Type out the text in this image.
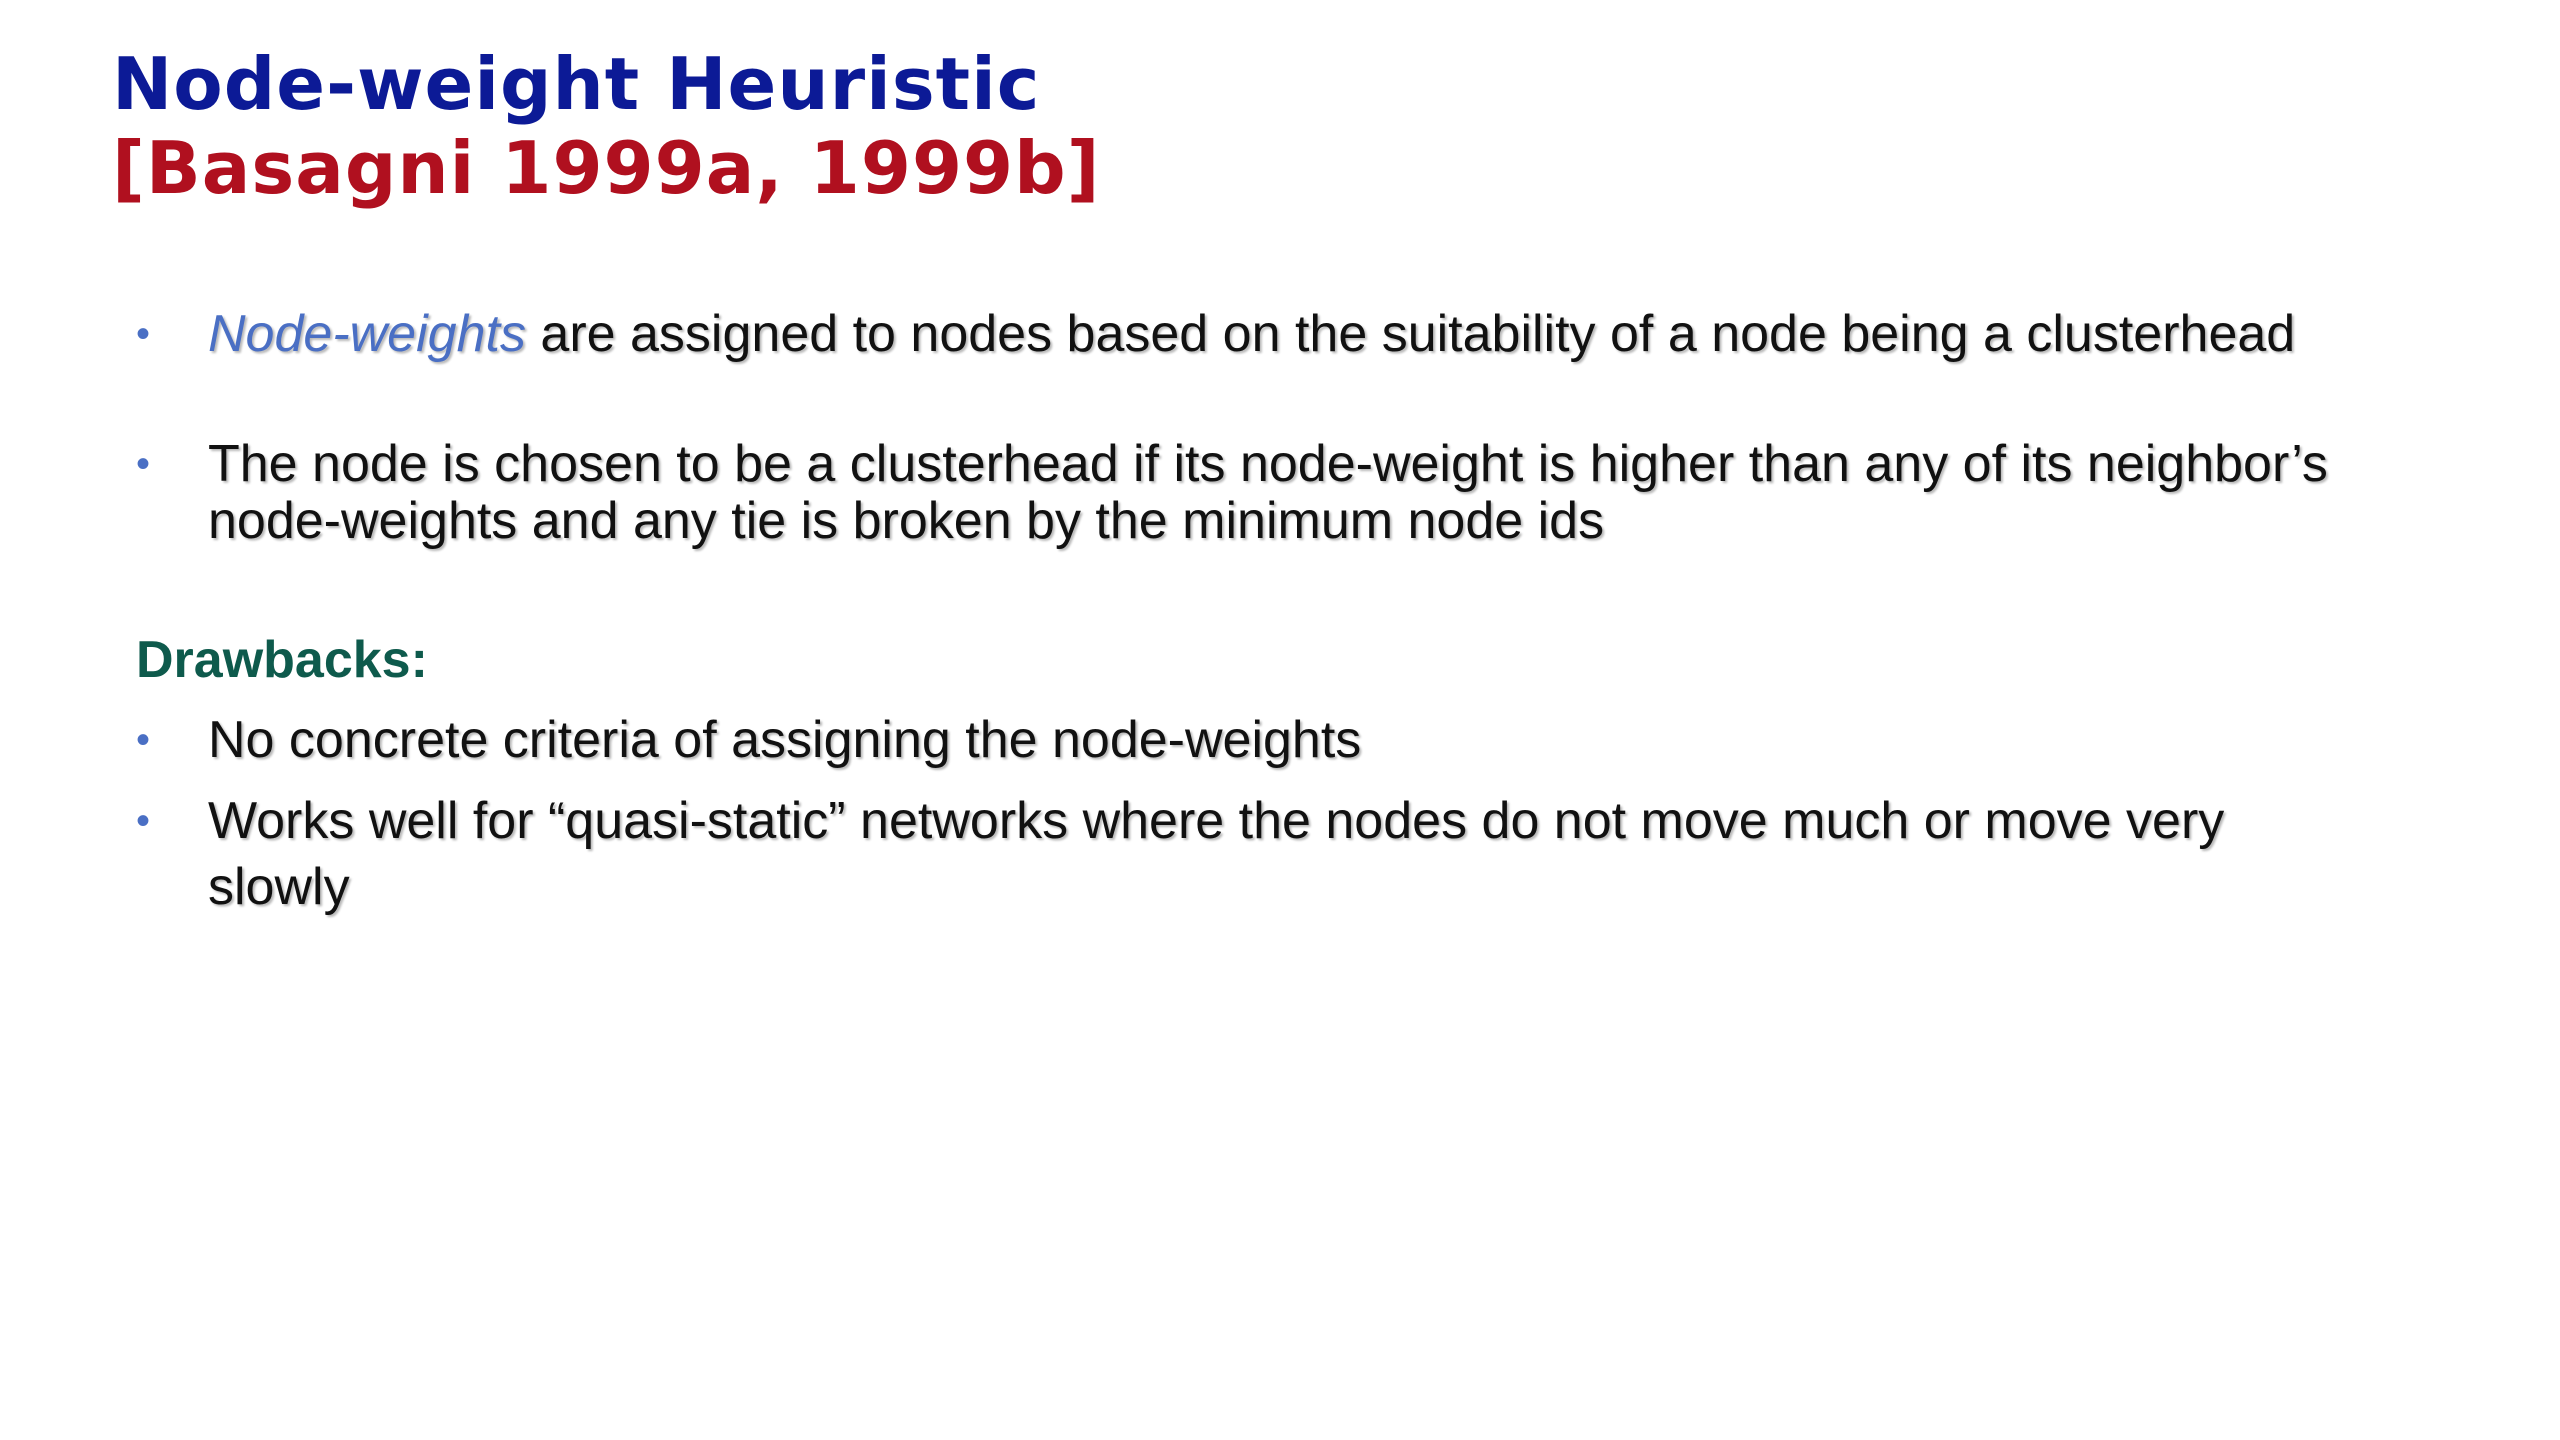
Node-weight Heuristic
[Basagni 1999a, 1999b]
•	Node-weights are assigned to nodes based on the suitability of a node being a clusterhead
•	The node is chosen to be a clusterhead if its node-weight is higher than any of its neighbor’s node-weights and any tie is broken by the minimum node ids
Drawbacks:
•	No concrete criteria of assigning the node-weights
•	Works well for “quasi-static” networks where the nodes do not move much or move very slowly
